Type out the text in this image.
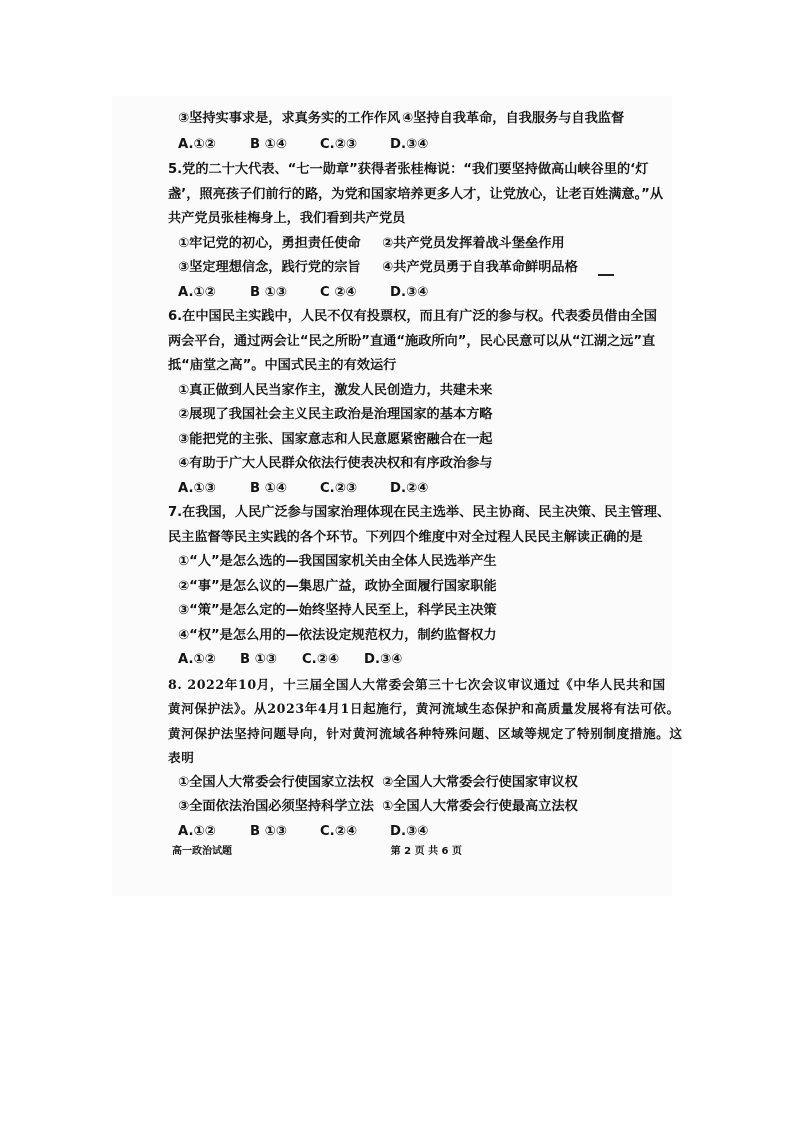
③坚持实事求是，求真务实的工作作风 ④坚持自我革命，自我服务与自我监督
A.①②	B ①④	C.②③	D.③④
5.党的二十大代表、“七一勋章”获得者张桂梅说：“我们要坚持做高山峡谷里的‘灯
盏’，照亮孩子们前行的路，为党和国家培养更多人才，让党放心，让老百姓满意。”从
共产党员张桂梅身上，我们看到共产党员
①牢记党的初心，勇担责任使命 ②共产党员发挥着战斗堡垒作用
③坚定理想信念，践行党的宗旨 ④共产党员勇于自我革命鲜明品格
A.①②	B ①③	C ②④	D.③④
6.在中国民主实践中，人民不仅有投票权，而且有广泛的参与权。代表委员借由全国
两会平台，通过两会让“民之所盼”直通“施政所向”，民心民意可以从“江湖之远”直
抵“庙堂之高”。中国式民主的有效运行
①真正做到人民当家作主，激发人民创造力，共建未来
②展现了我国社会主义民主政治是治理国家的基本方略
③能把党的主张、国家意志和人民意愿紧密融合在一起
④有助于广大人民群众依法行使表决权和有序政治参与
A.①③	B ①④	C.②③	D.②④
7.在我国，人民广泛参与国家治理体现在民主选举、民主协商、民主决策、民主管理、
民主监督等民主实践的各个环节。下列四个维度中对全过程人民民主解读正确的是
①“人”是怎么选的—我国国家机关由全体人民选举产生
②“事”是怎么议的—集思广益，政协全面履行国家职能
③“策”是怎么定的—始终坚持人民至上，科学民主决策
④“权”是怎么用的—依法设定规范权力，制约监督权力
A.①②	B ①③	C.②④	D.③④
8. 2022年10月，十三届全国人大常委会第三十七次会议审议通过《中华人民共和国
黄河保护法》。从2023年4月1日起施行，黄河流域生态保护和高质量发展将有法可依。
黄河保护法坚持问题导向，针对黄河流域各种特殊问题、区域等规定了特别制度措施。这
表明
①全国人大常委会行使国家立法权 ②全国人大常委会行使国家审议权
③全面依法治国必须坚持科学立法 ①全国人大常委会行使最高立法权
A.①②	B ①③	C.②④	D.③④
高一政治试题	第 2 页 共 6 页
